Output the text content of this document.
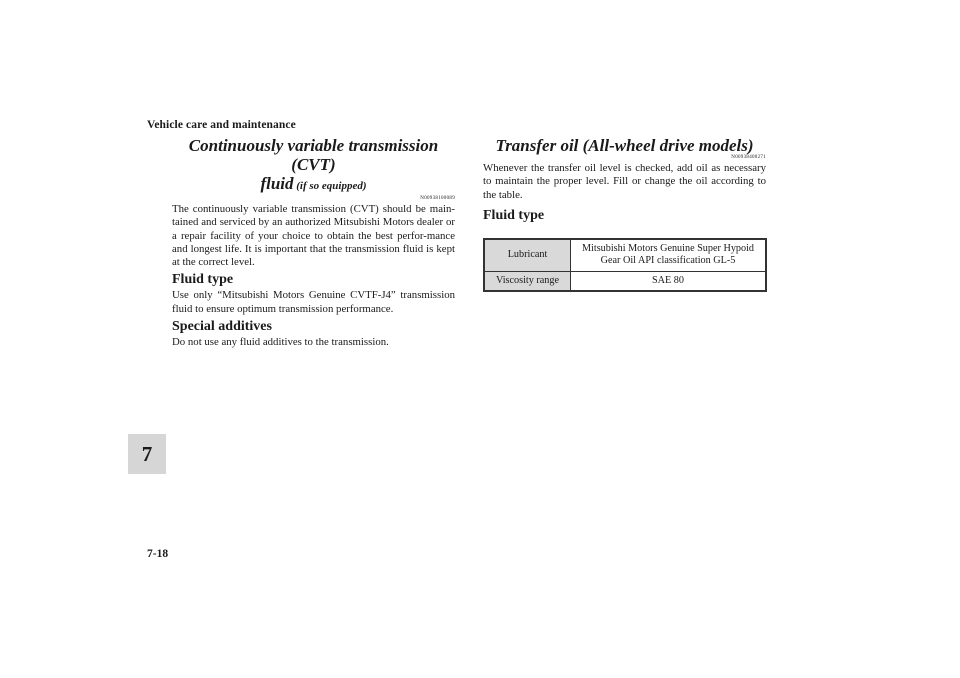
Vehicle care and maintenance
7
7-18

Continuously variable transmission (CVT)
fluid (if so equipped)

N00938100089

The continuously variable transmission (CVT) should be main-tained and serviced by an authorized Mitsubishi Motors dealer or a repair facility of your choice to obtain the best perfor-mance and longest life. It is important that the transmission fluid is kept at the correct level.

Fluid type

Use only “Mitsubishi Motors Genuine CVTF-J4” transmission fluid to ensure optimum transmission performance.

Special additives

Do not use any fluid additives to the transmission.

Transfer oil (All-wheel drive models)

N00938400271

Whenever the transfer oil level is checked, add oil as necessary to maintain the proper level. Fill or change the oil according to the table.

Fluid type
Lubricant	Mitsubishi Motors Genuine Super Hypoid
Gear Oil API classification GL-5
Viscosity range	SAE 80
